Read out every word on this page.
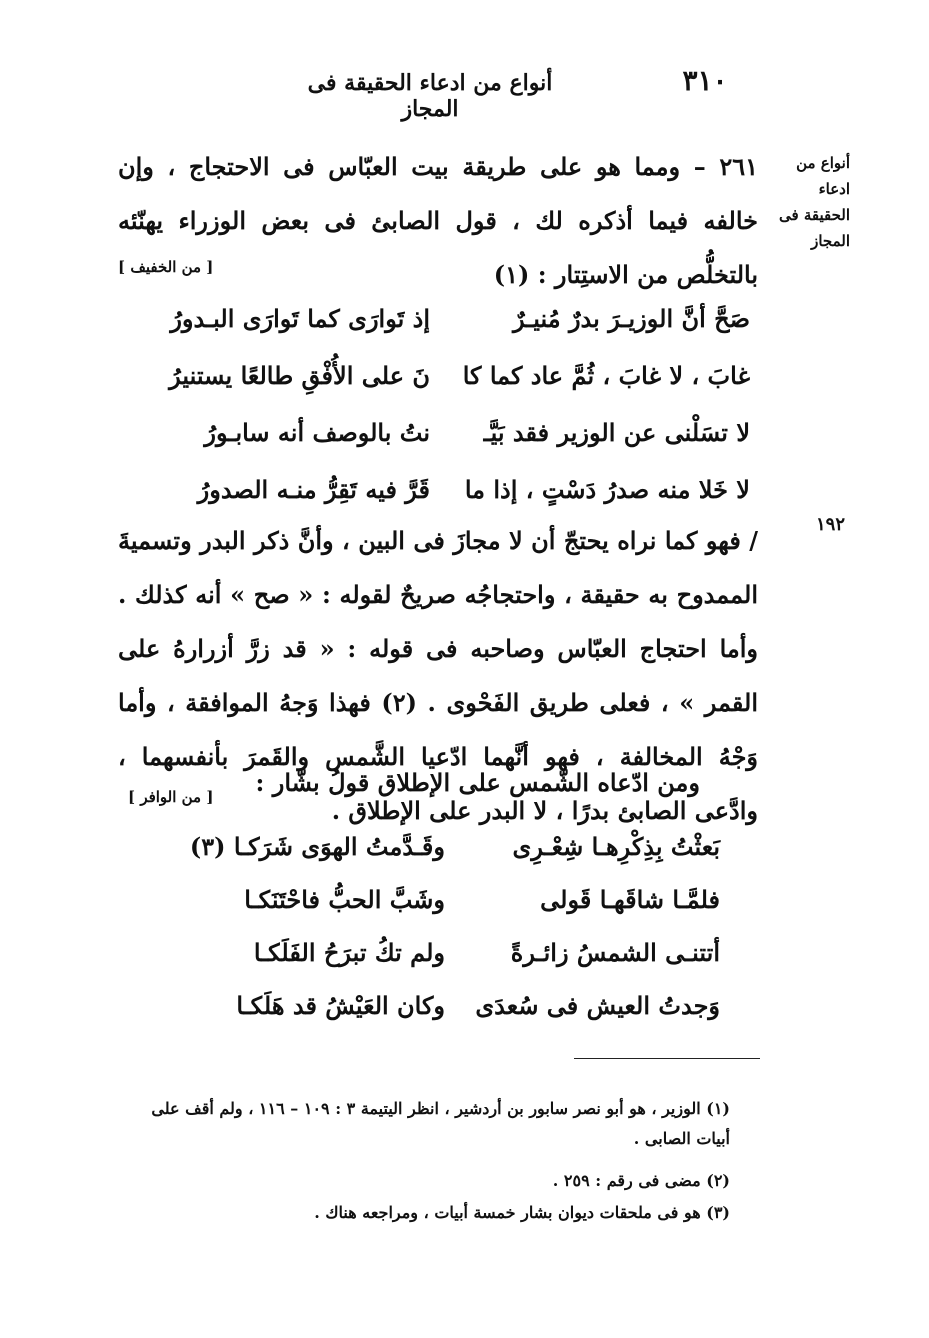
٣١٠
أنواع من ادعاء الحقيقة فى المجاز
أنواع من ادعاء الحقيقة فى المجاز
١٩٢
٢٦١ – ومما هو على طريقة بيت العبّاس فى الاحتجاج ، وإن خالفه فيما أذكره لك ، قول الصابئ فى بعض الوزراء يهنّئه بالتخلُّص من الاستِتار : (١)
[ من الخفيف ]
صَحَّ أنَّ الوزيـرَ بدرٌ مُنيـرٌ
إذ تَوارَى كما تَوارَى البـدورُ
غابَ ، لا غابَ ، ثُمَّ عاد كما كا
نَ على الأُفْقِ طالعًا يستنيرُ
لا تسَلْنى عن الوزير فقد بَيَّـ
نتُ بالوصف أنه سابـورُ
لا خَلا منه صدرُ دَسْتٍ ، إذا ما
قَرَّ فيه تَقِرُّ منـه الصدورُ
/ فهو كما نراه يحتجّ أن لا مجازَ فى البين ، وأنَّ ذكر البدر وتسميةَ الممدوح به حقيقة ، واحتجاجُه صريحٌ لقوله : « صح » أنه كذلك . وأما احتجاج العبّاس وصاحبه فى قوله : « قد زرَّ أزرارهُ على القمر » ، فعلى طريق الفَحْوى . (٢) فهذا وَجهُ الموافقة ، وأما وَجْهُ المخالفة ، فهو أنَّهما ادّعيا الشَّمس والقَمرَ بأنفسهما ، وادَّعى الصابئ بدرًا ، لا البدر على الإطلاق .
ومن ادّعاه الشّمس على الإطلاق قولُ بشّار :
[ من الوافر ]
بَعثْتُ بِذِكْرِهـا شِعْـرِى
وقَـدَّمتُ الهوَى شَرَكـا (٣)
فلمَّـا شاقَهـا قَولى
وشَبَّ الحبُّ فاحْتَنَكـا
أتتنـى الشمسُ زائـرةً
ولم تكُ تبرَحُ الفَلَكـا
وَجدتُ العيش فى سُعدَى
وكان العَيْشُ قد هَلَكـا
(١) الوزير ، هو أبو نصر سابور بن أردشير ، انظر اليتيمة ٣ : ١٠٩ – ١١٦ ، ولم أقف على أبيات الصابى .
(٢) مضى فى رقم : ٢٥٩ .
(٣) هو فى ملحقات ديوان بشار خمسة أبيات ، ومراجعه هناك .
